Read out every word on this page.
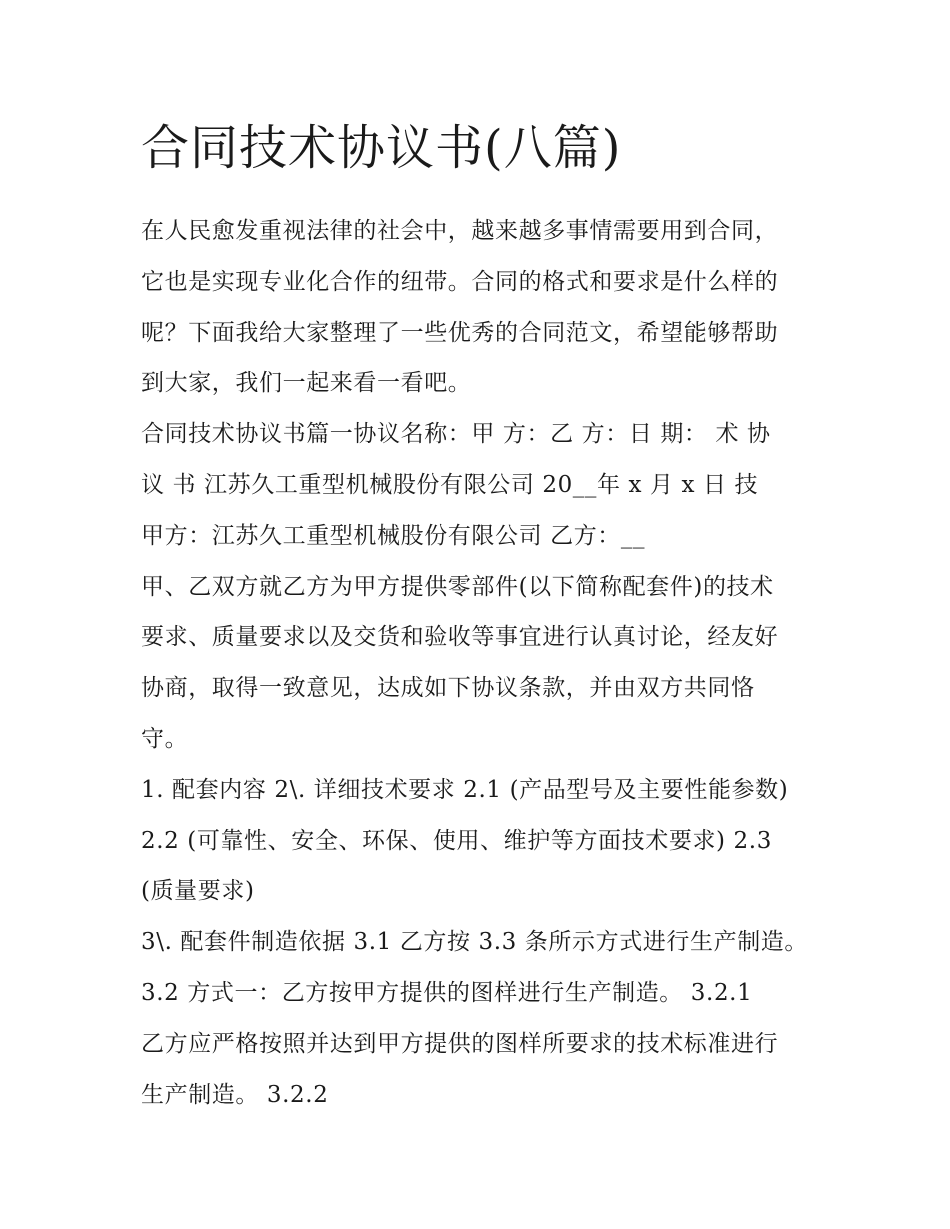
合同技术协议书(八篇)
在人民愈发重视法律的社会中，越来越多事情需要用到合同，
它也是实现专业化合作的纽带。合同的格式和要求是什么样的
呢？下面我给大家整理了一些优秀的合同范文，希望能够帮助
到大家，我们一起来看一看吧。
合同技术协议书篇一协议名称：甲 方：乙 方：日 期： 术 协
议 书 江苏久工重型机械股份有限公司 20__年 x 月 x 日 技
甲方：江苏久工重型机械股份有限公司 乙方：__
甲、乙双方就乙方为甲方提供零部件(以下简称配套件)的技术
要求、质量要求以及交货和验收等事宜进行认真讨论，经友好
协商，取得一致意见，达成如下协议条款，并由双方共同恪
守。
1. 配套内容 2\. 详细技术要求 2.1 (产品型号及主要性能参数)
2.2 (可靠性、安全、环保、使用、维护等方面技术要求) 2.3
(质量要求)
3\. 配套件制造依据 3.1 乙方按 3.3 条所示方式进行生产制造。
3.2 方式一：乙方按甲方提供的图样进行生产制造。 3.2.1
乙方应严格按照并达到甲方提供的图样所要求的技术标准进行
生产制造。 3.2.2
